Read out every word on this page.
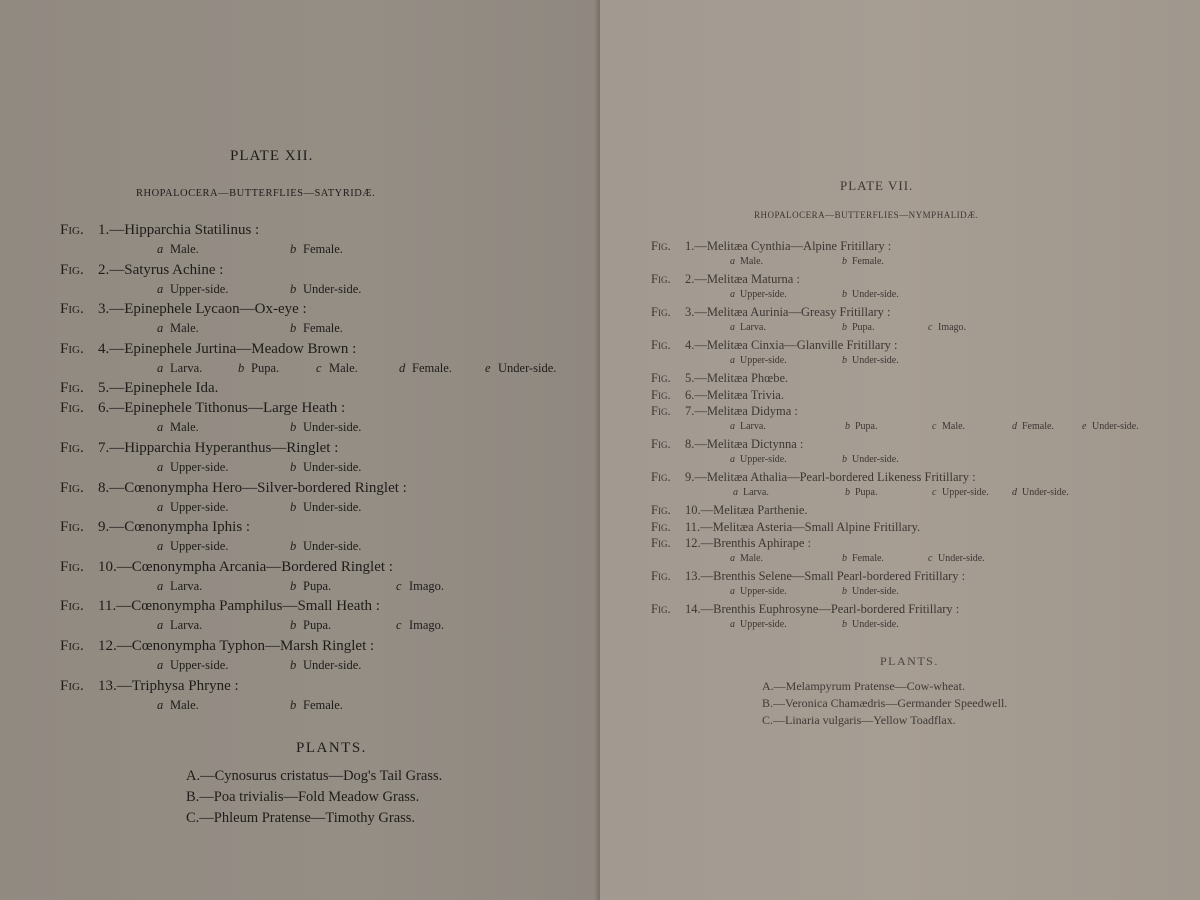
PLATE XII.
RHOPALOCERA—BUTTERFLIES—SATYRIDÆ.
Fig. 1.—Hipparchia Statilinus :
a Male.	b Female.
Fig. 2.—Satyrus Achine :
a Upper-side.	b Under-side.
Fig. 3.—Epinephele Lycaon—Ox-eye :
a Male.	b Female.
Fig. 4.—Epinephele Jurtina—Meadow Brown :
a Larva.	b Pupa.	c Male.	d Female.	e Under-side.
Fig. 5.—Epinephele Ida.
Fig. 6.—Epinephele Tithonus—Large Heath :
a Male.	b Under-side.
Fig. 7.—Hipparchia Hyperanthus—Ringlet :
a Upper-side.	b Under-side.
Fig. 8.—Cœnonympha Hero—Silver-bordered Ringlet :
a Upper-side.	b Under-side.
Fig. 9.—Cœnonympha Iphis :
a Upper-side.	b Under-side.
Fig. 10.—Cœnonympha Arcania—Bordered Ringlet :
a Larva.	b Pupa.	c Imago.
Fig. 11.—Cœnonympha Pamphilus—Small Heath :
a Larva.	b Pupa.	c Imago.
Fig. 12.—Cœnonympha Typhon—Marsh Ringlet :
a Upper-side.	b Under-side.
Fig. 13.—Triphysa Phryne :
a Male.	b Female.
PLANTS.
A.—Cynosurus cristatus—Dog's Tail Grass.
B.—Poa trivialis—Fold Meadow Grass.
C.—Phleum Pratense—Timothy Grass.
PLATE VII.
RHOPALOCERA—BUTTERFLIES—NYMPHALIDÆ.
Fig. 1.—Melitæa Cynthia—Alpine Fritillary :
a Male.	b Female.
Fig. 2.—Melitæa Maturna :
a Upper-side.	b Under-side.
Fig. 3.—Melitæa Aurinia—Greasy Fritillary :
a Larva.	b Pupa.	c Imago.
Fig. 4.—Melitæa Cinxia—Glanville Fritillary :
a Upper-side.	b Under-side.
Fig. 5.—Melitæa Phœbe.
Fig. 6.—Melitæa Trivia.
Fig. 7.—Melitæa Didyma :
a Larva.	b Pupa.	c Male.	d Female.	e Under-side.
Fig. 8.—Melitæa Dictynna :
a Upper-side.	b Under-side.
Fig. 9.—Melitæa Athalia—Pearl-bordered Likeness Fritillary :
a Larva.	b Pupa.	c Upper-side. d Under-side.
Fig. 10.—Melitæa Parthenie.
Fig. 11.—Melitæa Asteria—Small Alpine Fritillary.
Fig. 12.—Brenthis Aphirape :
a Male.	b Female.	c Under-side.
Fig. 13.—Brenthis Selene—Small Pearl-bordered Fritillary :
a Upper-side.	b Under-side.
Fig. 14.—Brenthis Euphrosyne—Pearl-bordered Fritillary :
a Upper-side.	b Under-side.
PLANTS.
A.—Melampyrum Pratense—Cow-wheat.
B.—Veronica Chamædris—Germander Speedwell.
C.—Linaria vulgaris—Yellow Toadflax.
